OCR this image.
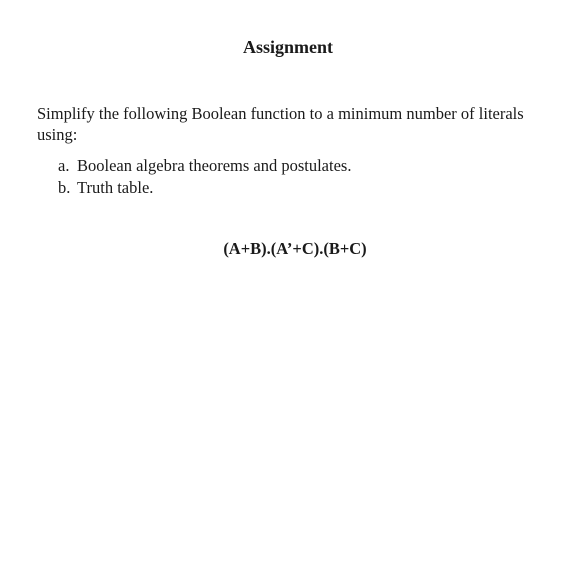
Assignment
Simplify the following Boolean function to a minimum number of literals using:
a. Boolean algebra theorems and postulates.
b. Truth table.
(A+B).(A’+C).(B+C)
